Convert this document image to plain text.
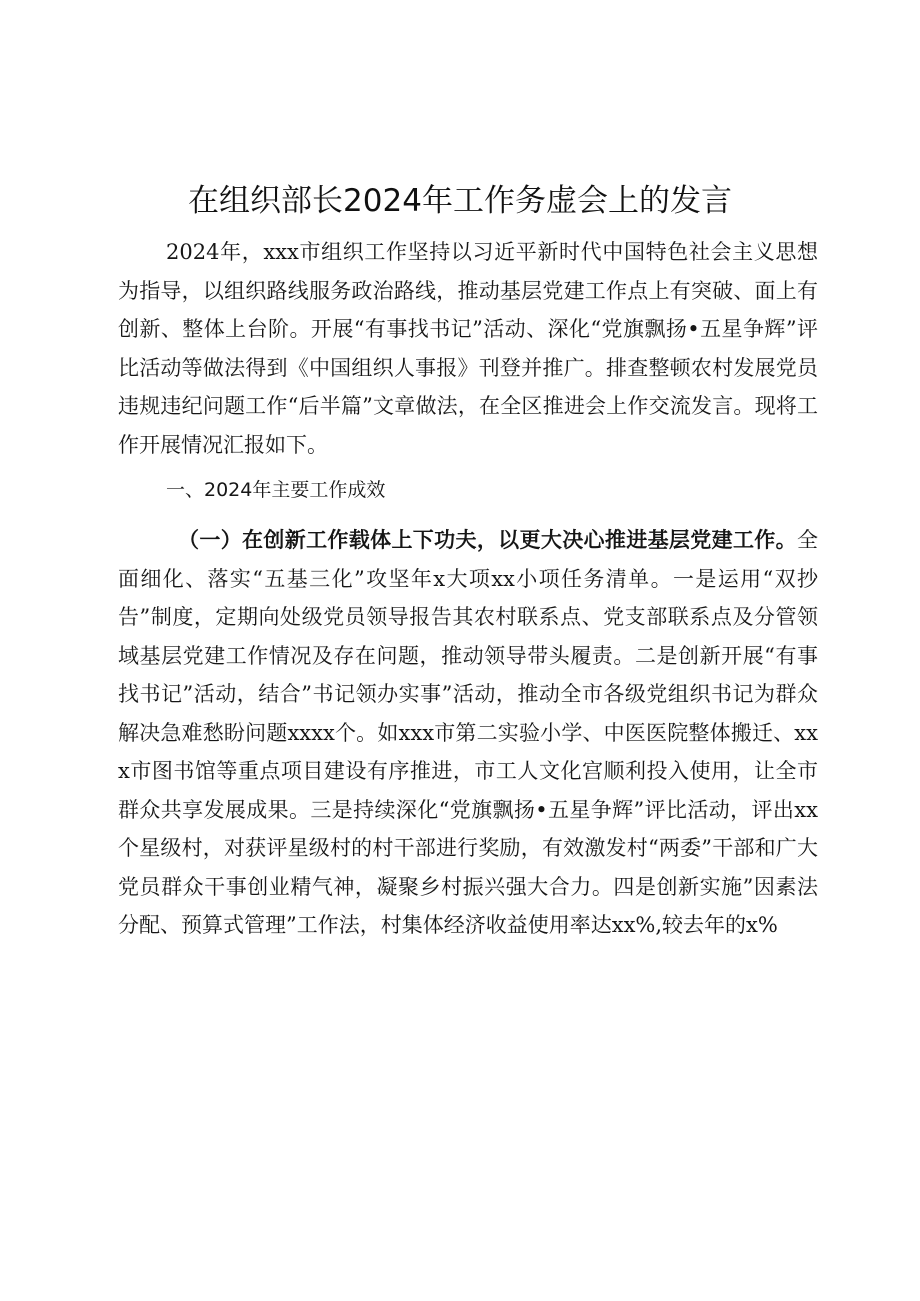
在组织部长2024年工作务虚会上的发言

2024年，xxx市组织工作坚持以习近平新时代中国特色社会主义思想为指导，以组织路线服务政治路线，推动基层党建工作点上有突破、面上有创新、整体上台阶。开展“有事找书记”活动、深化“党旗飘扬•五星争辉”评比活动等做法得到《中国组织人事报》刊登并推广。排查整顿农村发展党员违规违纪问题工作“后半篇”文章做法，在全区推进会上作交流发言。现将工作开展情况汇报如下。

一、2024年主要工作成效

（一）在创新工作载体上下功夫，以更大决心推进基层党建工作。全面细化、落实“五基三化”攻坚年x大项xx小项任务清单。一是运用“双抄告”制度，定期向处级党员领导报告其农村联系点、党支部联系点及分管领域基层党建工作情况及存在问题，推动领导带头履责。二是创新开展“有事找书记”活动，结合”书记领办实事”活动，推动全市各级党组织书记为群众解决急难愁盼问题xxxx个。如xxx市第二实验小学、中医医院整体搬迁、xxx市图书馆等重点项目建设有序推进，市工人文化宫顺利投入使用，让全市群众共享发展成果。三是持续深化“党旗飘扬•五星争辉”评比活动，评出xx个星级村，对获评星级村的村干部进行奖励，有效激发村“两委”干部和广大党员群众干事创业精气神，凝聚乡村振兴强大合力。四是创新实施”因素法分配、预算式管理”工作法，村集体经济收益使用率达xx%,较去年的x%
